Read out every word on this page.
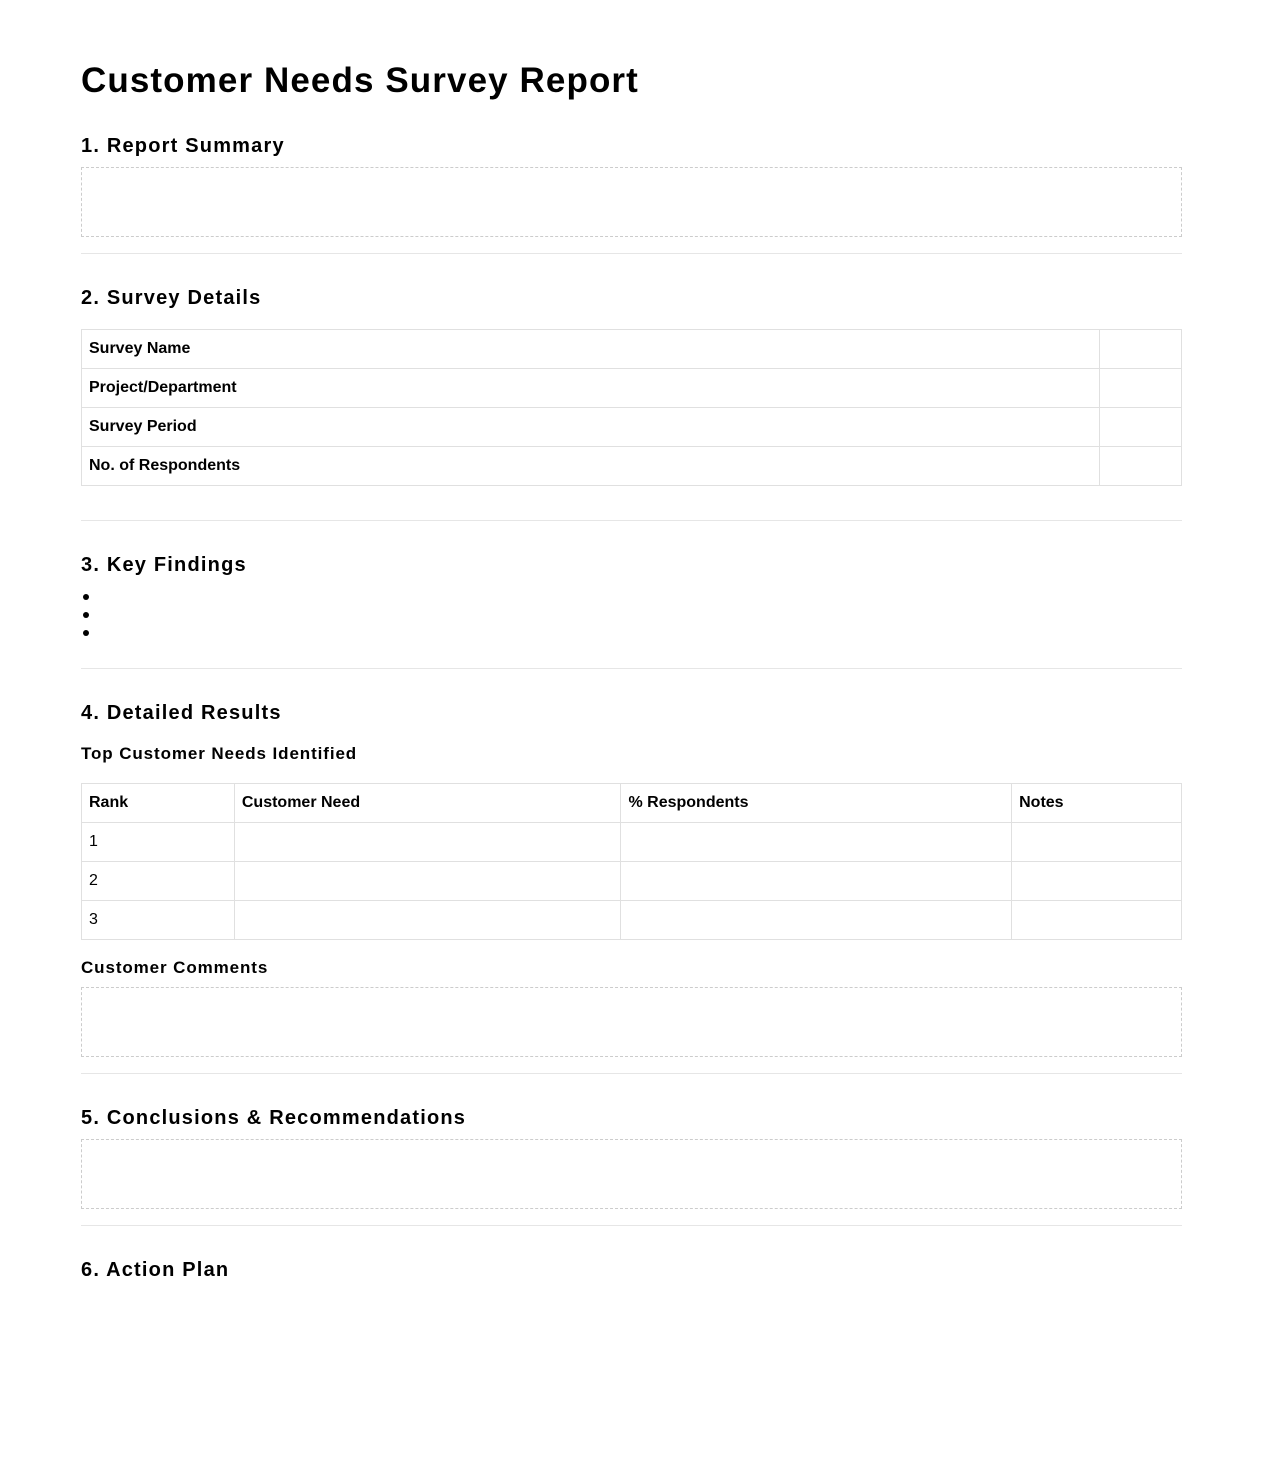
Customer Needs Survey Report
1. Report Summary
2. Survey Details
Survey Name	
Project/Department	
Survey Period	
No. of Respondents	
3. Key Findings
4. Detailed Results
Top Customer Needs Identified
Rank	Customer Need	% Respondents	Notes
1			
2			
3			
Customer Comments
5. Conclusions & Recommendations
6. Action Plan
